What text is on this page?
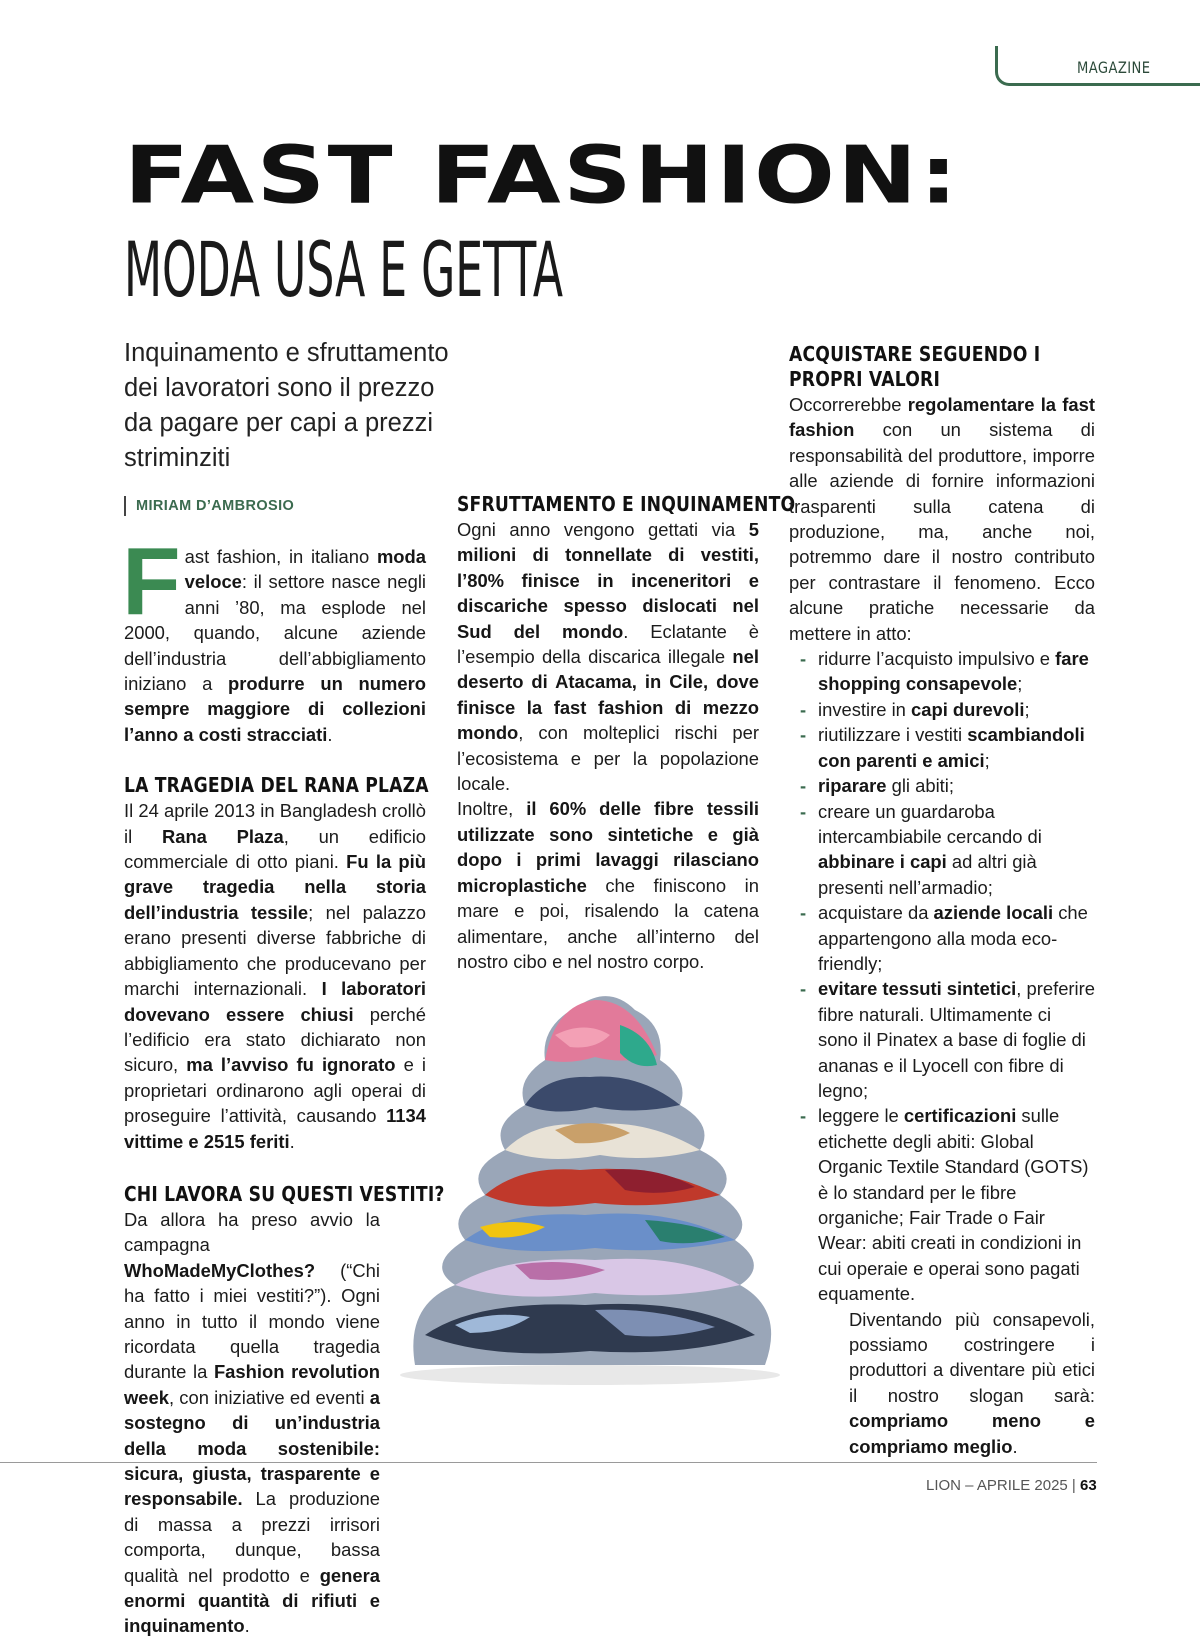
MAGAZINE
FAST FASHION:
MODA USA E GETTA
Inquinamento e sfruttamento dei lavoratori sono il prezzo da pagare per capi a prezzi striminziti
MIRIAM D’AMBROSIO

Fast fashion, in italiano moda veloce: il settore nasce negli anni ’80, ma esplode nel 2000, quando, alcune aziende dell’industria dell’abbigliamento iniziano a produrre un numero sempre maggiore di collezioni l’anno a costi stracciati.

LA TRAGEDIA DEL RANA PLAZA

Il 24 aprile 2013 in Bangladesh crollò il Rana Plaza, un edificio commerciale di otto piani. Fu la più grave tragedia nella storia dell’industria tessile; nel palazzo erano presenti diverse fabbriche di abbigliamento che producevano per marchi internazionali. I laboratori dovevano essere chiusi perché l’edificio era stato dichiarato non sicuro, ma l’avviso fu ignorato e i proprietari ordinarono agli operai di proseguire l’attività, causando 1134 vittime e 2515 feriti.

CHI LAVORA SU QUESTI VESTITI?

Da allora ha preso avvio la campagna WhoMadeMyClothes? (“Chi ha fatto i miei vestiti?”). Ogni anno in tutto il mondo viene ricordata quella tragedia durante la Fashion revolution week, con iniziative ed eventi a sostegno di un’industria della moda sostenibile: sicura, giusta, trasparente e responsabile. La produzione di massa a prezzi irrisori comporta, dunque, bassa qualità nel prodotto e genera enormi quantità di rifiuti e inquinamento.

SFRUTTAMENTO E INQUINAMENTO

Ogni anno vengono gettati via 5 milioni di tonnellate di vestiti, l’80% finisce in inceneritori e discariche spesso dislocati nel Sud del mondo. Eclatante è l’esempio della discarica illegale nel deserto di Atacama, in Cile, dove finisce la fast fashion di mezzo mondo, con molteplici rischi per l’ecosistema e per la popolazione locale.

Inoltre, il 60% delle fibre tessili utilizzate sono sintetiche e già dopo i primi lavaggi rilasciano microplastiche che finiscono in mare e poi, risalendo la catena alimentare, anche all’interno del nostro cibo e nel nostro corpo.

ACQUISTARE SEGUENDO I PROPRI VALORI

Occorrerebbe regolamentare la fast fashion con un sistema di responsabilità del produttore, imporre alle aziende di fornire informazioni trasparenti sulla catena di produzione, ma, anche noi, potremmo dare il nostro contributo per contrastare il fenomeno. Ecco alcune pratiche necessarie da mettere in atto:

- ridurre l’acquisto impulsivo e fare shopping consapevole;
- investire in capi durevoli;
- riutilizzare i vestiti scambiandoli con parenti e amici;
- riparare gli abiti;
- creare un guardaroba intercambiabile cercando di abbinare i capi ad altri già presenti nell’armadio;
- acquistare da aziende locali che appartengono alla moda eco-friendly;
- evitare tessuti sintetici, preferire fibre naturali. Ultimamente ci sono il Pinatex a base di foglie di ananas e il Lyocell con fibre di legno;
- leggere le certificazioni sulle etichette degli abiti: Global Organic Textile Standard (GOTS) è lo standard per le fibre organiche; Fair Trade o Fair Wear: abiti creati in condizioni in cui operaie e operai sono pagati equamente.

Diventando più consapevoli, possiamo costringere i produttori a diventare più etici il nostro slogan sarà: compriamo meno e compriamo meglio.

LION – APRILE 2025 | 63
